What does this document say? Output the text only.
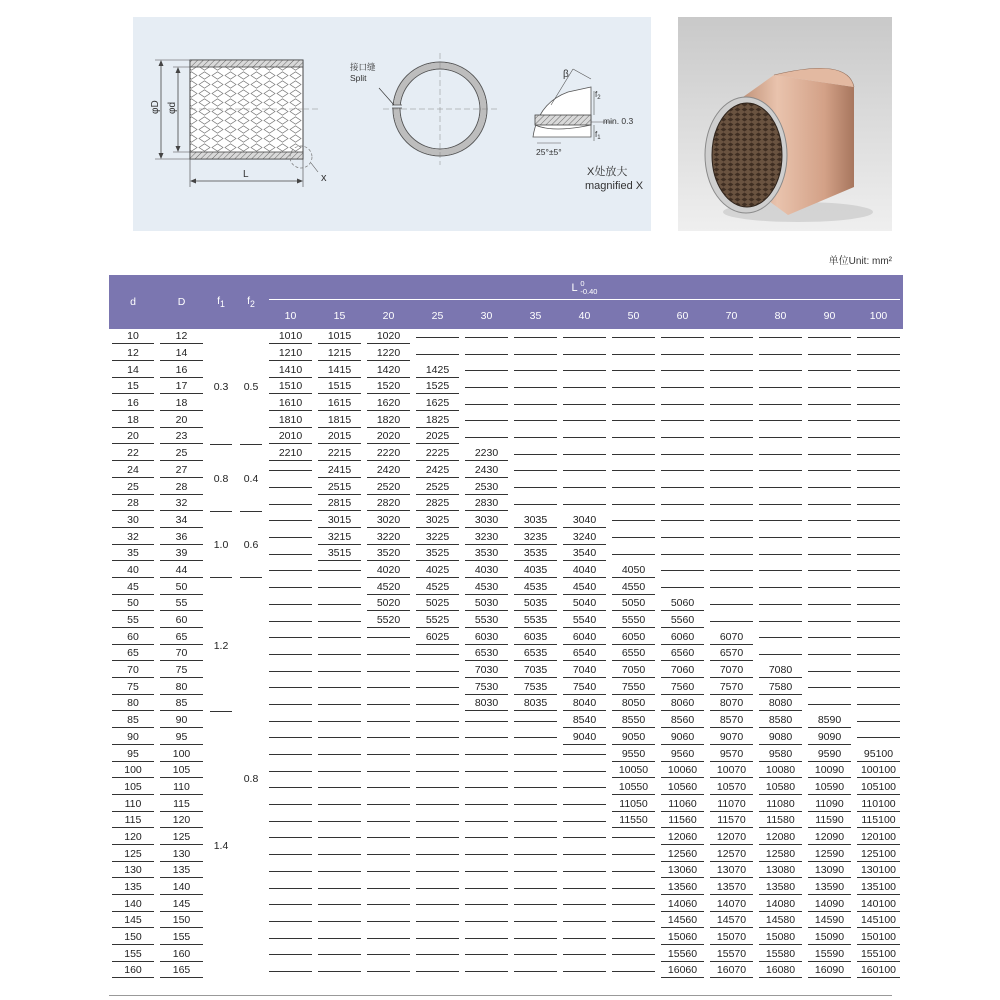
φD φd
L	x
接口缝
Split	β
$f_2$
$f_1$
min. 0.3
25°±5°
X处放大
magnified X
单位Unit: mm²
d	D	$f_1$	$f_2$	L 0
-0.40												

				10	15	20	25	30	35	40	50	60	70	80	90	100

10	12	0.3	0.5	1010	1015	1020										

12	14			1210	1215	1220										

14	16			1410	1415	1420	1425									

15	17			1510	1515	1520	1525									

16	18			1610	1615	1620	1625									

18	20			1810	1815	1820	1825									

20	23			2010	2015	2020	2025									

22	25	0.8	0.4	2210	2215	2220	2225	2230								

24	27				2415	2420	2425	2430								

25	28				2515	2520	2525	2530								

28	32				2815	2820	2825	2830								

30	34	1.0	0.6		3015	3020	3025	3030	3035	3040						

32	36				3215	3220	3225	3230	3235	3240						

35	39				3515	3520	3525	3530	3535	3540						

40	44					4020	4025	4030	4035	4040	4050					

45	50	1.2	0.8			4520	4525	4530	4535	4540	4550					

50	55					5020	5025	5030	5035	5040	5050	5060				

55	60					5520	5525	5530	5535	5540	5550	5560				

60	65						6025	6030	6035	6040	6050	6060	6070			

65	70							6530	6535	6540	6550	6560	6570			

70	75							7030	7035	7040	7050	7060	7070	7080		

75	80							7530	7535	7540	7550	7560	7570	7580		

80	85							8030	8035	8040	8050	8060	8070	8080		

85	90	1.4								8540	8550	8560	8570	8580	8590	

90	95									9040	9050	9060	9070	9080	9090	

95	100										9550	9560	9570	9580	9590	95100

100	105										10050	10060	10070	10080	10090	100100

105	110										10550	10560	10570	10580	10590	105100

110	115										11050	11060	11070	11080	11090	110100

115	120										11550	11560	11570	11580	11590	115100

120	125											12060	12070	12080	12090	120100

125	130											12560	12570	12580	12590	125100

130	135											13060	13070	13080	13090	130100

135	140											13560	13570	13580	13590	135100

140	145											14060	14070	14080	14090	140100

145	150											14560	14570	14580	14590	145100

150	155											15060	15070	15080	15090	150100

155	160											15560	15570	15580	15590	155100

160	165											16060	16070	16080	16090	160100
